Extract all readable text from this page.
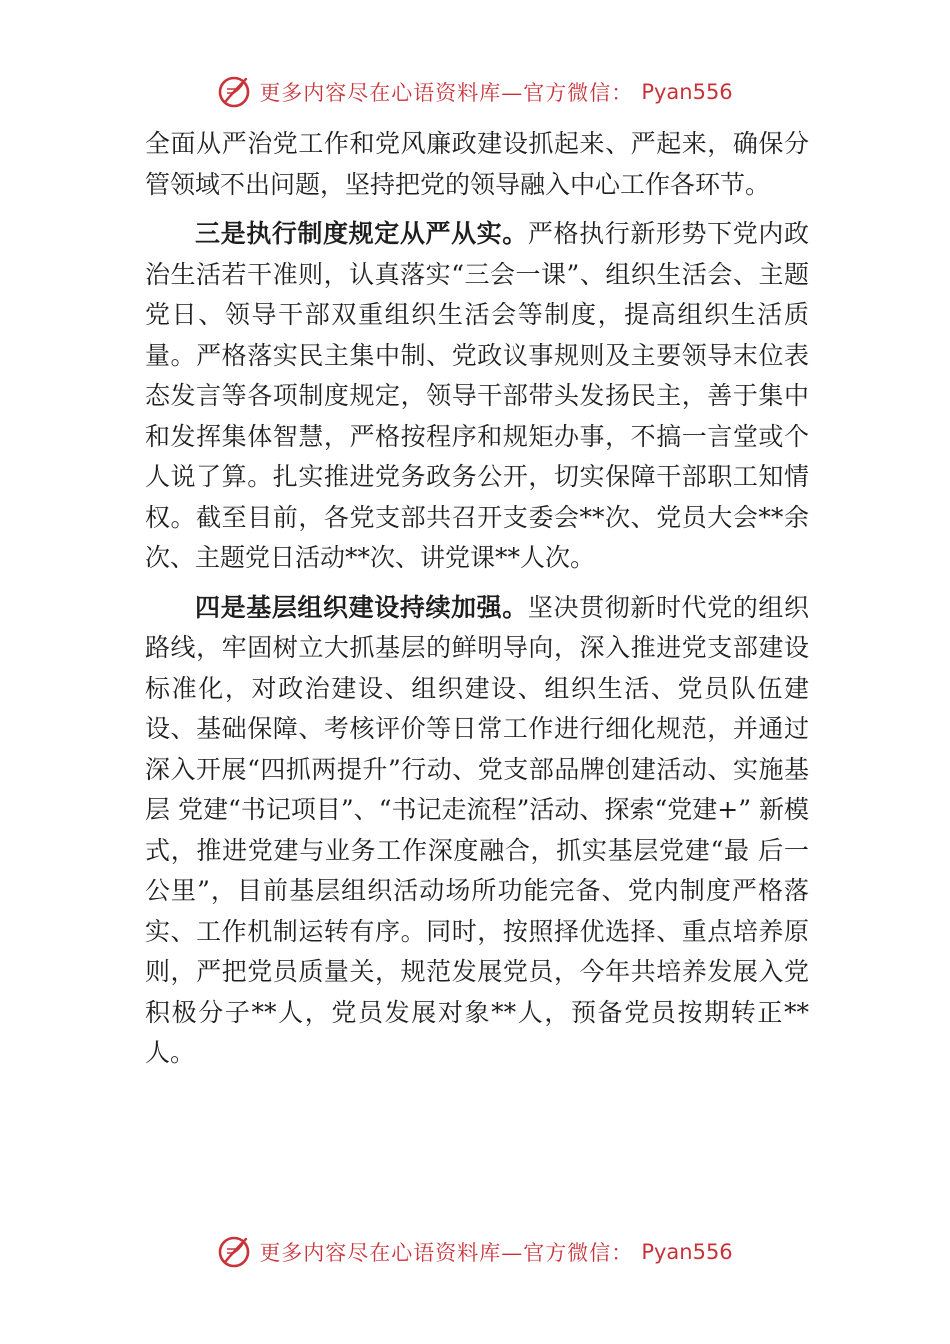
更多内容尽在心语资料库—官方微信： Pyan556

全面从严治党工作和党风廉政建设抓起来、严起来，确保分管领域不出问题，坚持把党的领导融入中心工作各环节。

三是执行制度规定从严从实。严格执行新形势下党内政治生活若干准则，认真落实“三会一课”、组织生活会、主题党日、领导干部双重组织生活会等制度，提高组织生活质量。严格落实民主集中制、党政议事规则及主要领导末位表态发言等各项制度规定，领导干部带头发扬民主，善于集中和发挥集体智慧，严格按程序和规矩办事，不搞一言堂或个人说了算。扎实推进党务政务公开，切实保障干部职工知情权。截至目前，各党支部共召开支委会**次、党员大会**余次、主题党日活动**次、讲党课**人次。

四是基层组织建设持续加强。坚决贯彻新时代党的组织路线，牢固树立大抓基层的鲜明导向，深入推进党支部建设标准化，对政治建设、组织建设、组织生活、党员队伍建设、基础保障、考核评价等日常工作进行细化规范，并通过深入开展“四抓两提升”行动、党支部品牌创建活动、实施基层 党建“书记项目”、“书记走流程”活动、探索“党建+” 新模式，推进党建与业务工作深度融合，抓实基层党建“最 后一公里”，目前基层组织活动场所功能完备、党内制度严格落实、工作机制运转有序。同时，按照择优选择、重点培养原则，严把党员质量关，规范发展党员，今年共培养发展入党积极分子**人，党员发展对象**人，预备党员按期转正**人。

更多内容尽在心语资料库—官方微信： Pyan556
